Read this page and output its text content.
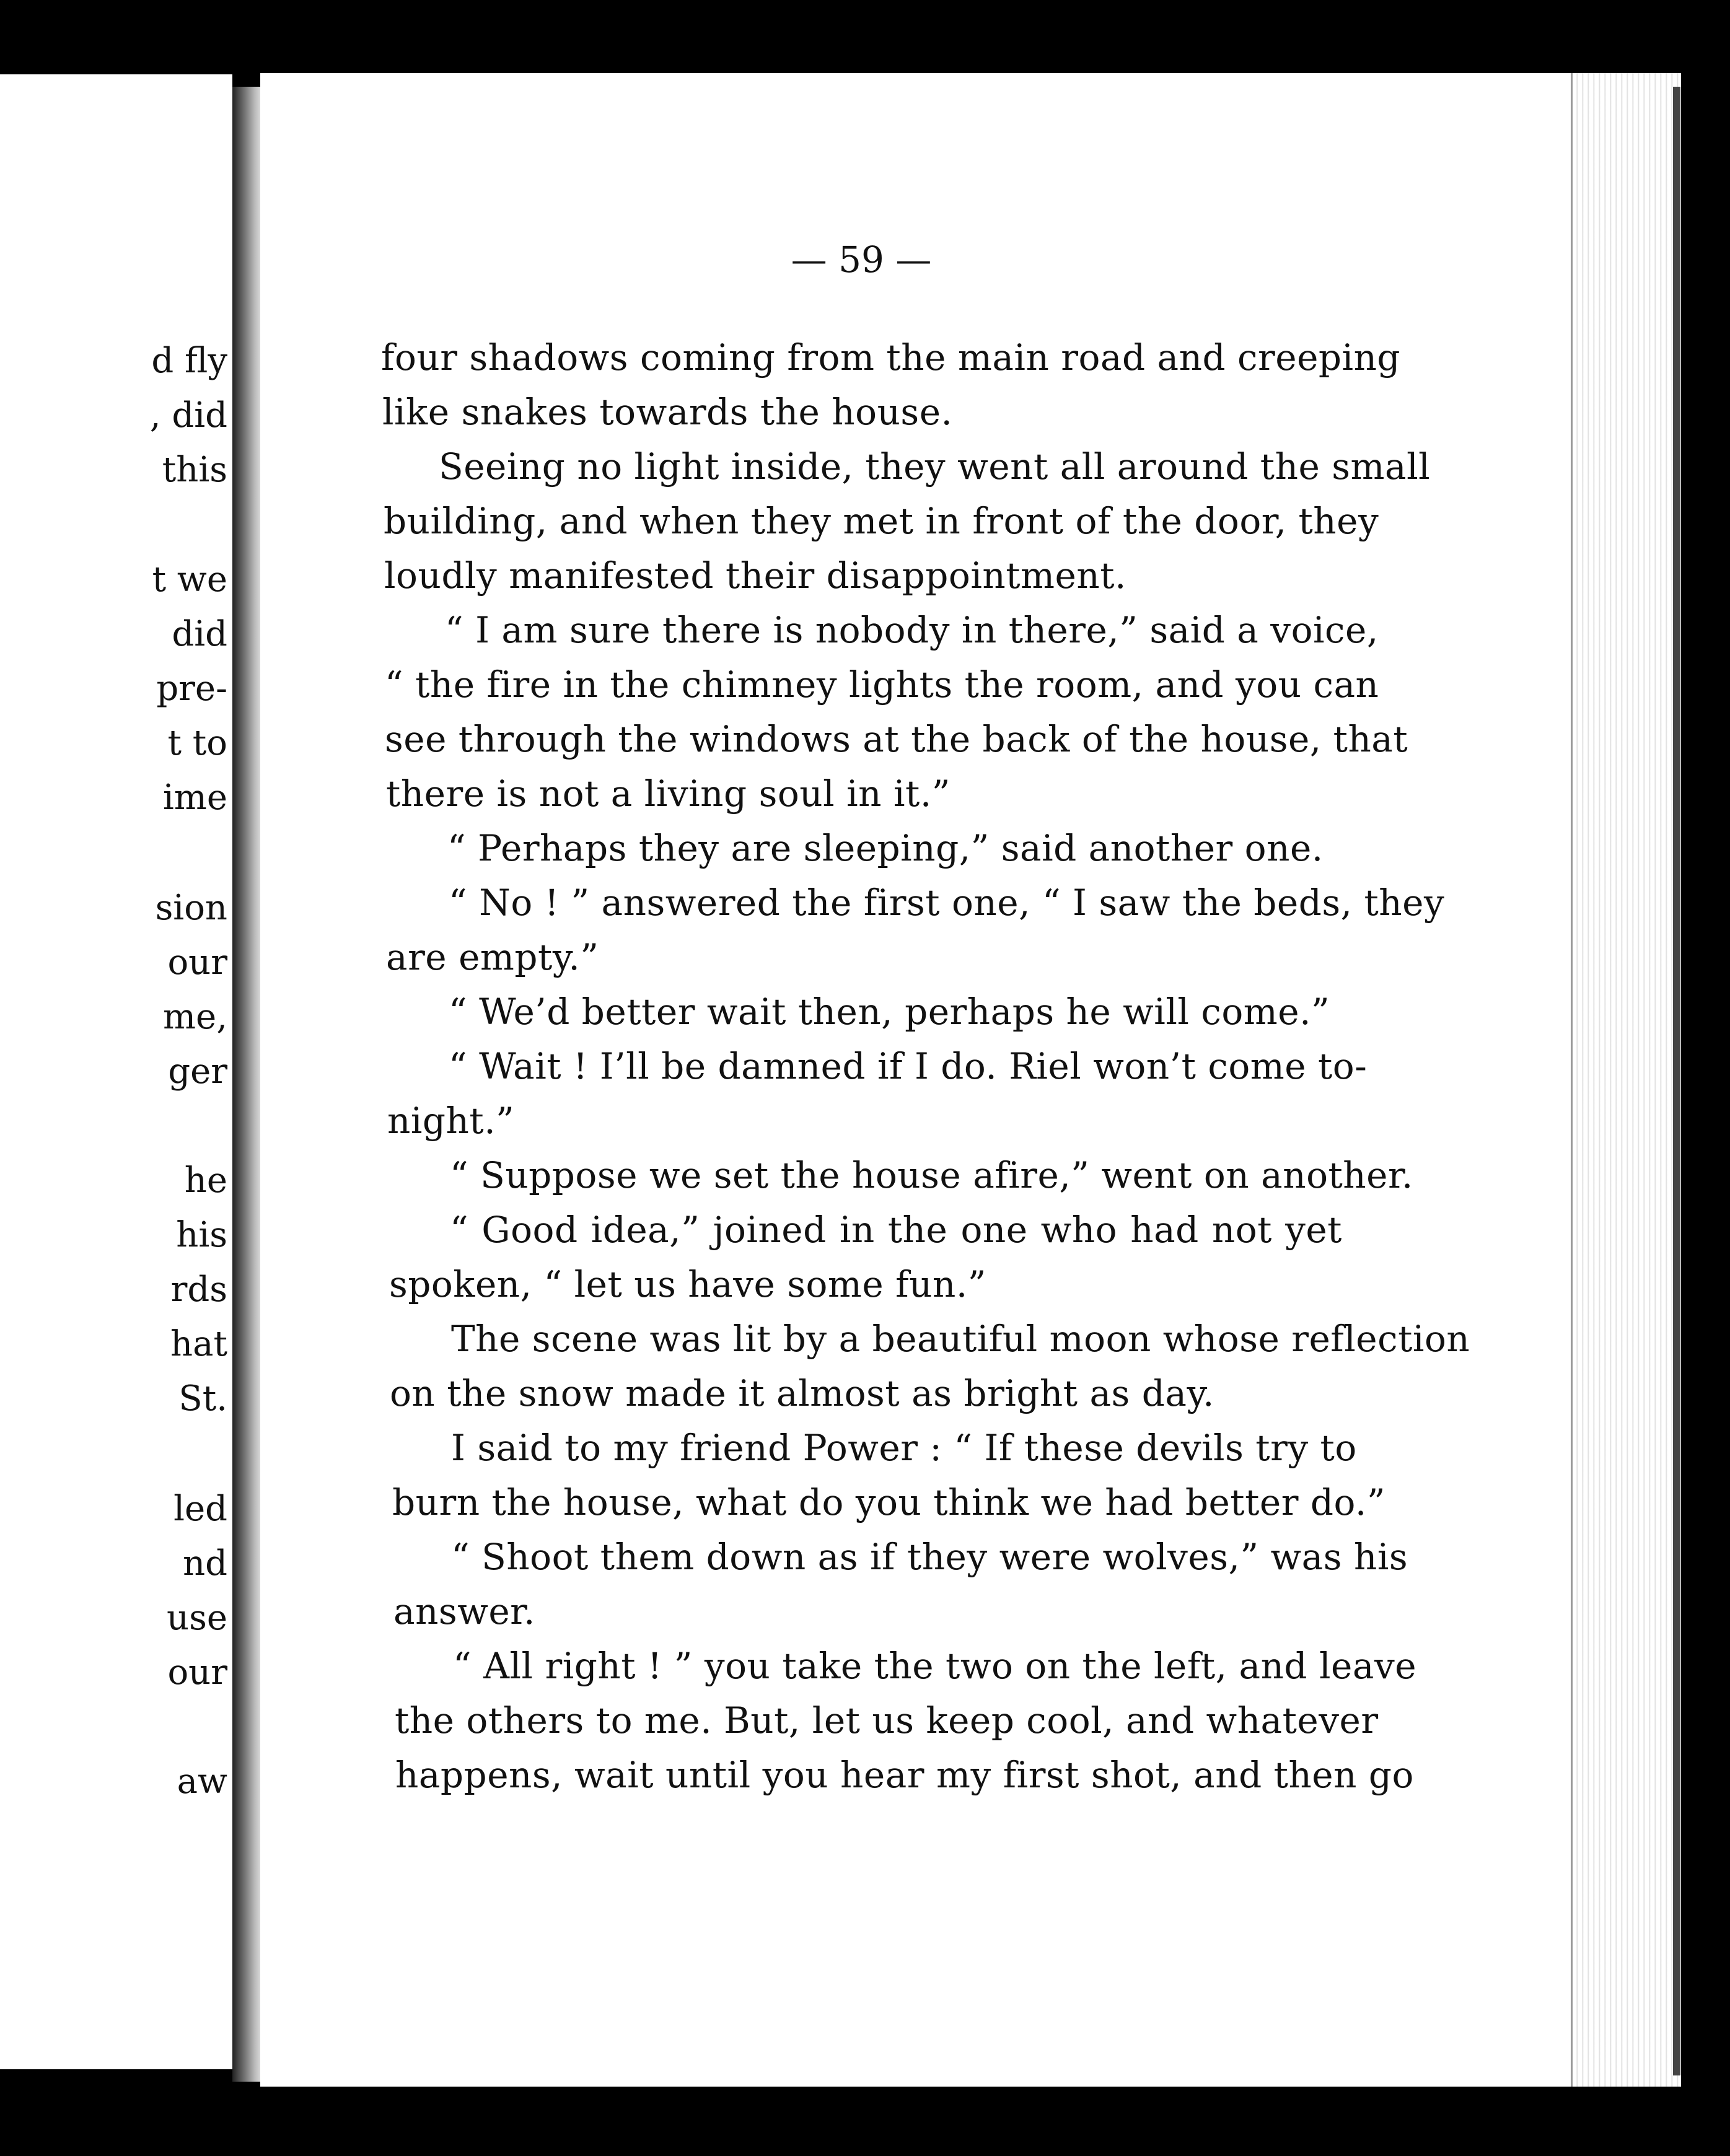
d fly
, did
this
t we
did
pre-
t to
ime
sion
our
me,
ger
he
his
rds
hat
St.
led
nd
use
our
aw
— 59 —
four shadows coming from the main road and creeping
like snakes towards the house.
Seeing no light inside, they went all around the small
building, and when they met in front of the door, they
loudly manifested their disappointment.
“ I am sure there is nobody in there,” said a voice,
“ the fire in the chimney lights the room, and you can
see through the windows at the back of the house, that
there is not a living soul in it.”
“ Perhaps they are sleeping,” said another one.
“ No ! ” answered the first one, “ I saw the beds, they
are empty.”
“ We’d better wait then, perhaps he will come.”
“ Wait ! I’ll be damned if I do. Riel won’t come to-
night.”
“ Suppose we set the house afire,” went on another.
“ Good idea,” joined in the one who had not yet
spoken, “ let us have some fun.”
The scene was lit by a beautiful moon whose reflection
on the snow made it almost as bright as day.
I said to my friend Power : “ If these devils try to
burn the house, what do you think we had better do.”
“ Shoot them down as if they were wolves,” was his
answer.
“ All right ! ” you take the two on the left, and leave
the others to me. But, let us keep cool, and whatever
happens, wait until you hear my first shot, and then go
